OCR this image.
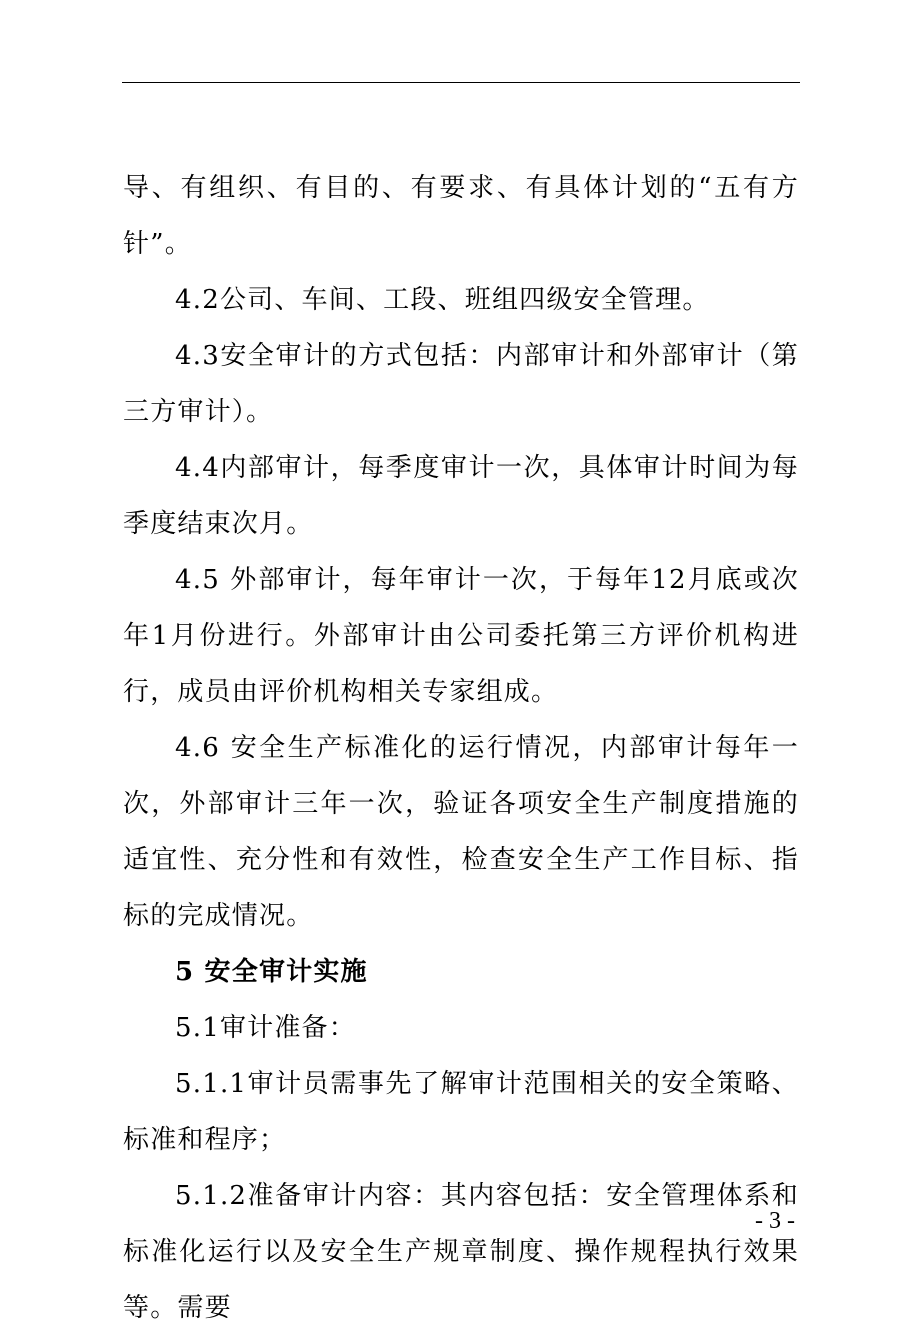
导、有组织、有目的、有要求、有具体计划的“五有方针”。

4.2公司、车间、工段、班组四级安全管理。

4.3安全审计的方式包括：内部审计和外部审计（第三方审计）。

4.4内部审计，每季度审计一次，具体审计时间为每季度结束次月。

4.5 外部审计，每年审计一次，于每年12月底或次年1月份进行。外部审计由公司委托第三方评价机构进行，成员由评价机构相关专家组成。

4.6 安全生产标准化的运行情况，内部审计每年一次，外部审计三年一次，验证各项安全生产制度措施的适宜性、充分性和有效性，检查安全生产工作目标、指标的完成情况。

5 安全审计实施

5.1审计准备：

5.1.1审计员需事先了解审计范围相关的安全策略、标准和程序；

5.1.2准备审计内容：其内容包括：安全管理体系和标准化运行以及安全生产规章制度、操作规程执行效果等。需要

- 3 -
